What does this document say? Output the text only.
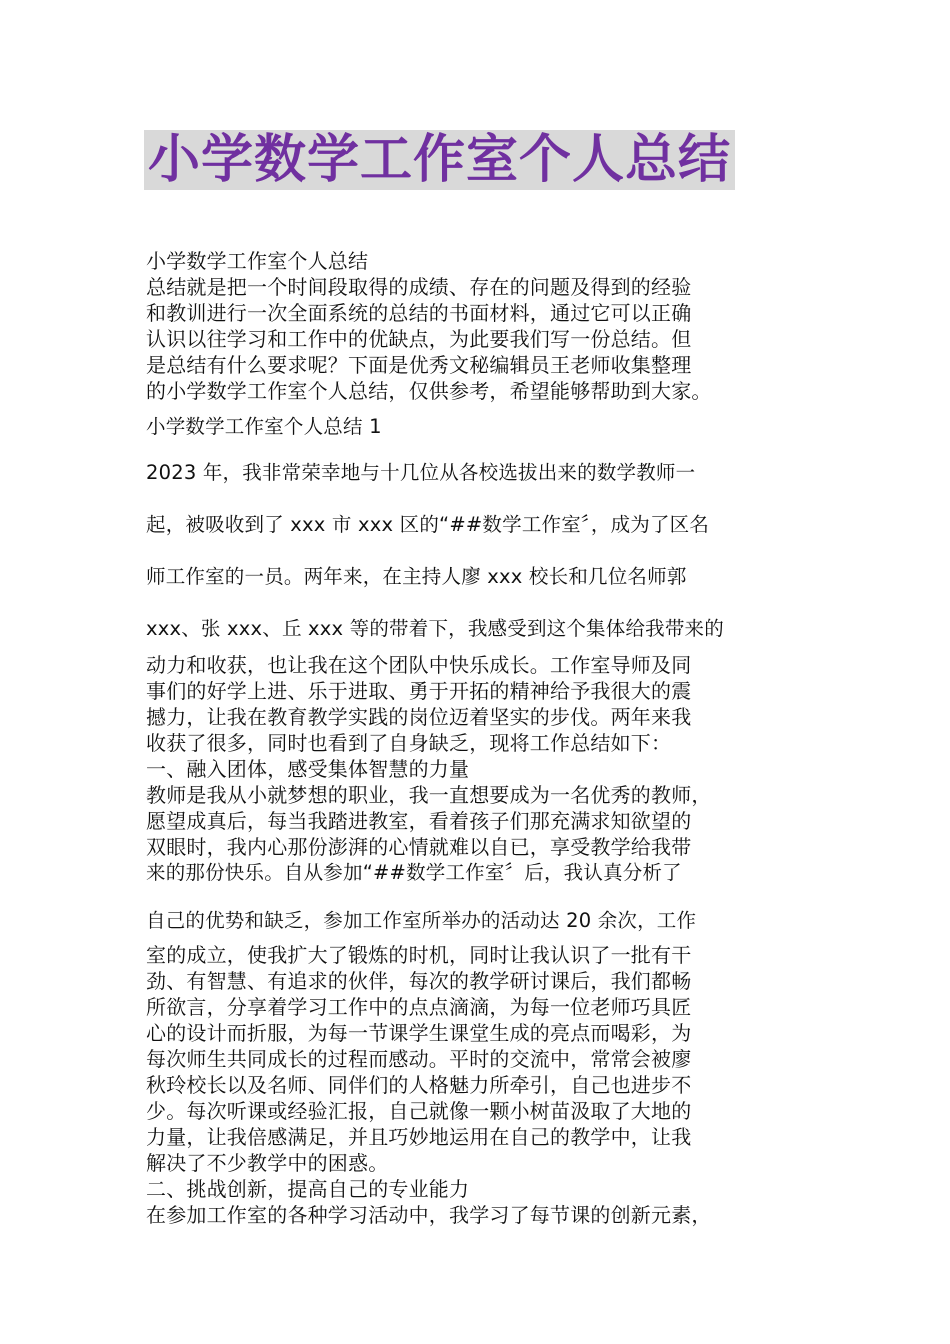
小学数学工作室个人总结
小学数学工作室个人总结
总结就是把一个时间段取得的成绩、存在的问题及得到的经验
和教训进行一次全面系统的总结的书面材料，通过它可以正确
认识以往学习和工作中的优缺点，为此要我们写一份总结。但
是总结有什么要求呢？下面是优秀文秘编辑员王老师收集整理
的小学数学工作室个人总结，仅供参考，希望能够帮助到大家。
小学数学工作室个人总结 1
2023 年，我非常荣幸地与十几位从各校选拔出来的数学教师一
起，被吸收到了 xxx 市 xxx 区的“##数学工作室〞，成为了区名
师工作室的一员。两年来，在主持人廖 xxx 校长和几位名师郭
xxx、张 xxx、丘 xxx 等的带着下，我感受到这个集体给我带来的
动力和收获，也让我在这个团队中快乐成长。工作室导师及同
事们的好学上进、乐于进取、勇于开拓的精神给予我很大的震
撼力，让我在教育教学实践的岗位迈着坚实的步伐。两年来我
收获了很多，同时也看到了自身缺乏，现将工作总结如下：
一、融入团体，感受集体智慧的力量
教师是我从小就梦想的职业，我一直想要成为一名优秀的教师，
愿望成真后，每当我踏进教室，看着孩子们那充满求知欲望的
双眼时，我内心那份澎湃的心情就难以自已，享受教学给我带
来的那份快乐。自从参加“##数学工作室〞后，我认真分析了
自己的优势和缺乏，参加工作室所举办的活动达 20 余次，工作
室的成立，使我扩大了锻炼的时机，同时让我认识了一批有干
劲、有智慧、有追求的伙伴，每次的教学研讨课后，我们都畅
所欲言，分享着学习工作中的点点滴滴，为每一位老师巧具匠
心的设计而折服，为每一节课学生课堂生成的亮点而喝彩，为
每次师生共同成长的过程而感动。平时的交流中，常常会被廖
秋玲校长以及名师、同伴们的人格魅力所牵引，自己也进步不
少。每次听课或经验汇报，自己就像一颗小树苗汲取了大地的
力量，让我倍感满足，并且巧妙地运用在自己的教学中，让我
解决了不少教学中的困惑。
二、挑战创新，提高自己的专业能力
在参加工作室的各种学习活动中，我学习了每节课的创新元素，
